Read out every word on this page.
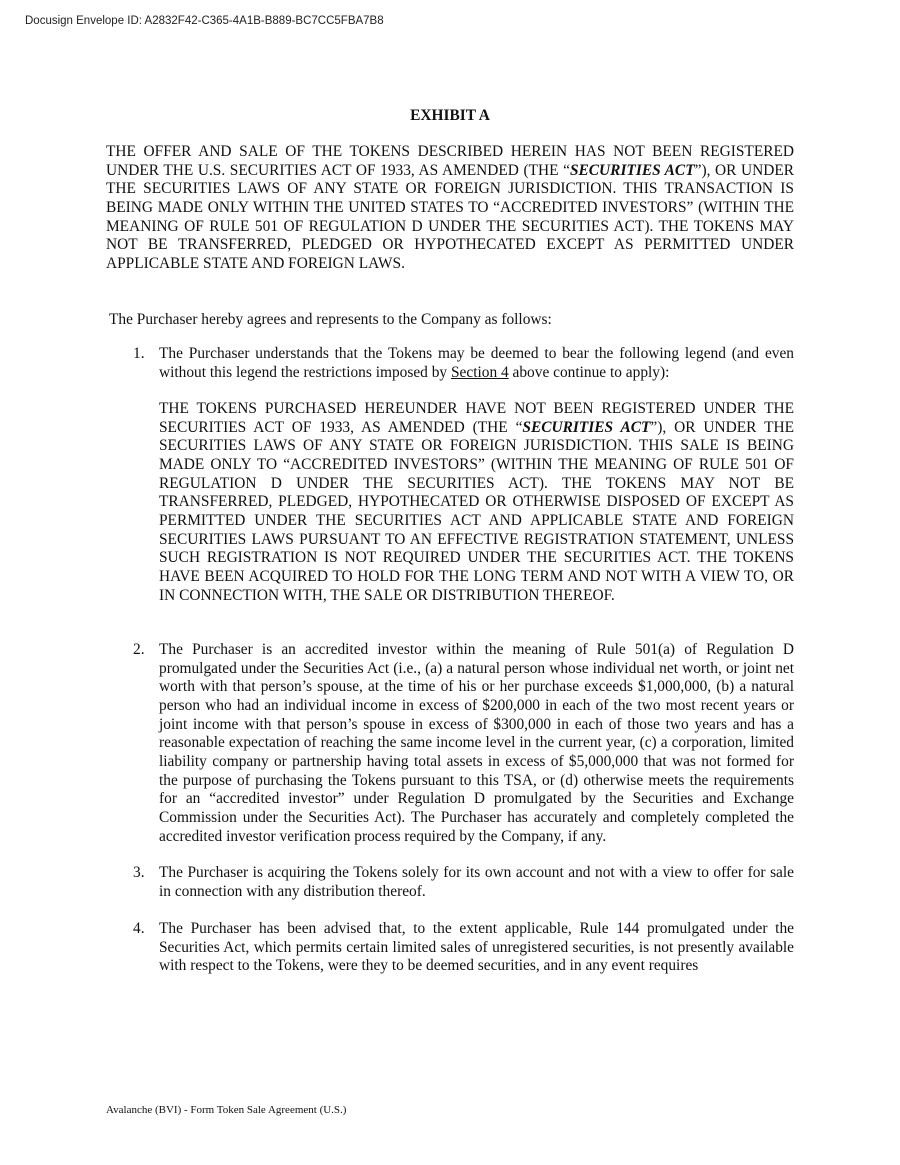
Docusign Envelope ID: A2832F42-C365-4A1B-B889-BC7CC5FBA7B8
EXHIBIT A
THE OFFER AND SALE OF THE TOKENS DESCRIBED HEREIN HAS NOT BEEN REGISTERED UNDER THE U.S. SECURITIES ACT OF 1933, AS AMENDED (THE “SECURITIES ACT”), OR UNDER THE SECURITIES LAWS OF ANY STATE OR FOREIGN JURISDICTION. THIS TRANSACTION IS BEING MADE ONLY WITHIN THE UNITED STATES TO “ACCREDITED INVESTORS” (WITHIN THE MEANING OF RULE 501 OF REGULATION D UNDER THE SECURITIES ACT). THE TOKENS MAY NOT BE TRANSFERRED, PLEDGED OR HYPOTHECATED EXCEPT AS PERMITTED UNDER APPLICABLE STATE AND FOREIGN LAWS.
The Purchaser hereby agrees and represents to the Company as follows:
1. The Purchaser understands that the Tokens may be deemed to bear the following legend (and even without this legend the restrictions imposed by Section 4 above continue to apply):
THE TOKENS PURCHASED HEREUNDER HAVE NOT BEEN REGISTERED UNDER THE SECURITIES ACT OF 1933, AS AMENDED (THE “SECURITIES ACT”), OR UNDER THE SECURITIES LAWS OF ANY STATE OR FOREIGN JURISDICTION. THIS SALE IS BEING MADE ONLY TO “ACCREDITED INVESTORS” (WITHIN THE MEANING OF RULE 501 OF REGULATION D UNDER THE SECURITIES ACT). THE TOKENS MAY NOT BE TRANSFERRED, PLEDGED, HYPOTHECATED OR OTHERWISE DISPOSED OF EXCEPT AS PERMITTED UNDER THE SECURITIES ACT AND APPLICABLE STATE AND FOREIGN SECURITIES LAWS PURSUANT TO AN EFFECTIVE REGISTRATION STATEMENT, UNLESS SUCH REGISTRATION IS NOT REQUIRED UNDER THE SECURITIES ACT. THE TOKENS HAVE BEEN ACQUIRED TO HOLD FOR THE LONG TERM AND NOT WITH A VIEW TO, OR IN CONNECTION WITH, THE SALE OR DISTRIBUTION THEREOF.
2. The Purchaser is an accredited investor within the meaning of Rule 501(a) of Regulation D promulgated under the Securities Act (i.e., (a) a natural person whose individual net worth, or joint net worth with that person’s spouse, at the time of his or her purchase exceeds $1,000,000, (b) a natural person who had an individual income in excess of $200,000 in each of the two most recent years or joint income with that person’s spouse in excess of $300,000 in each of those two years and has a reasonable expectation of reaching the same income level in the current year, (c) a corporation, limited liability company or partnership having total assets in excess of $5,000,000 that was not formed for the purpose of purchasing the Tokens pursuant to this TSA, or (d) otherwise meets the requirements for an “accredited investor” under Regulation D promulgated by the Securities and Exchange Commission under the Securities Act). The Purchaser has accurately and completely completed the accredited investor verification process required by the Company, if any.
3. The Purchaser is acquiring the Tokens solely for its own account and not with a view to offer for sale in connection with any distribution thereof.
4. The Purchaser has been advised that, to the extent applicable, Rule 144 promulgated under the Securities Act, which permits certain limited sales of unregistered securities, is not presently available with respect to the Tokens, were they to be deemed securities, and in any event requires
Avalanche (BVI) - Form Token Sale Agreement (U.S.)
